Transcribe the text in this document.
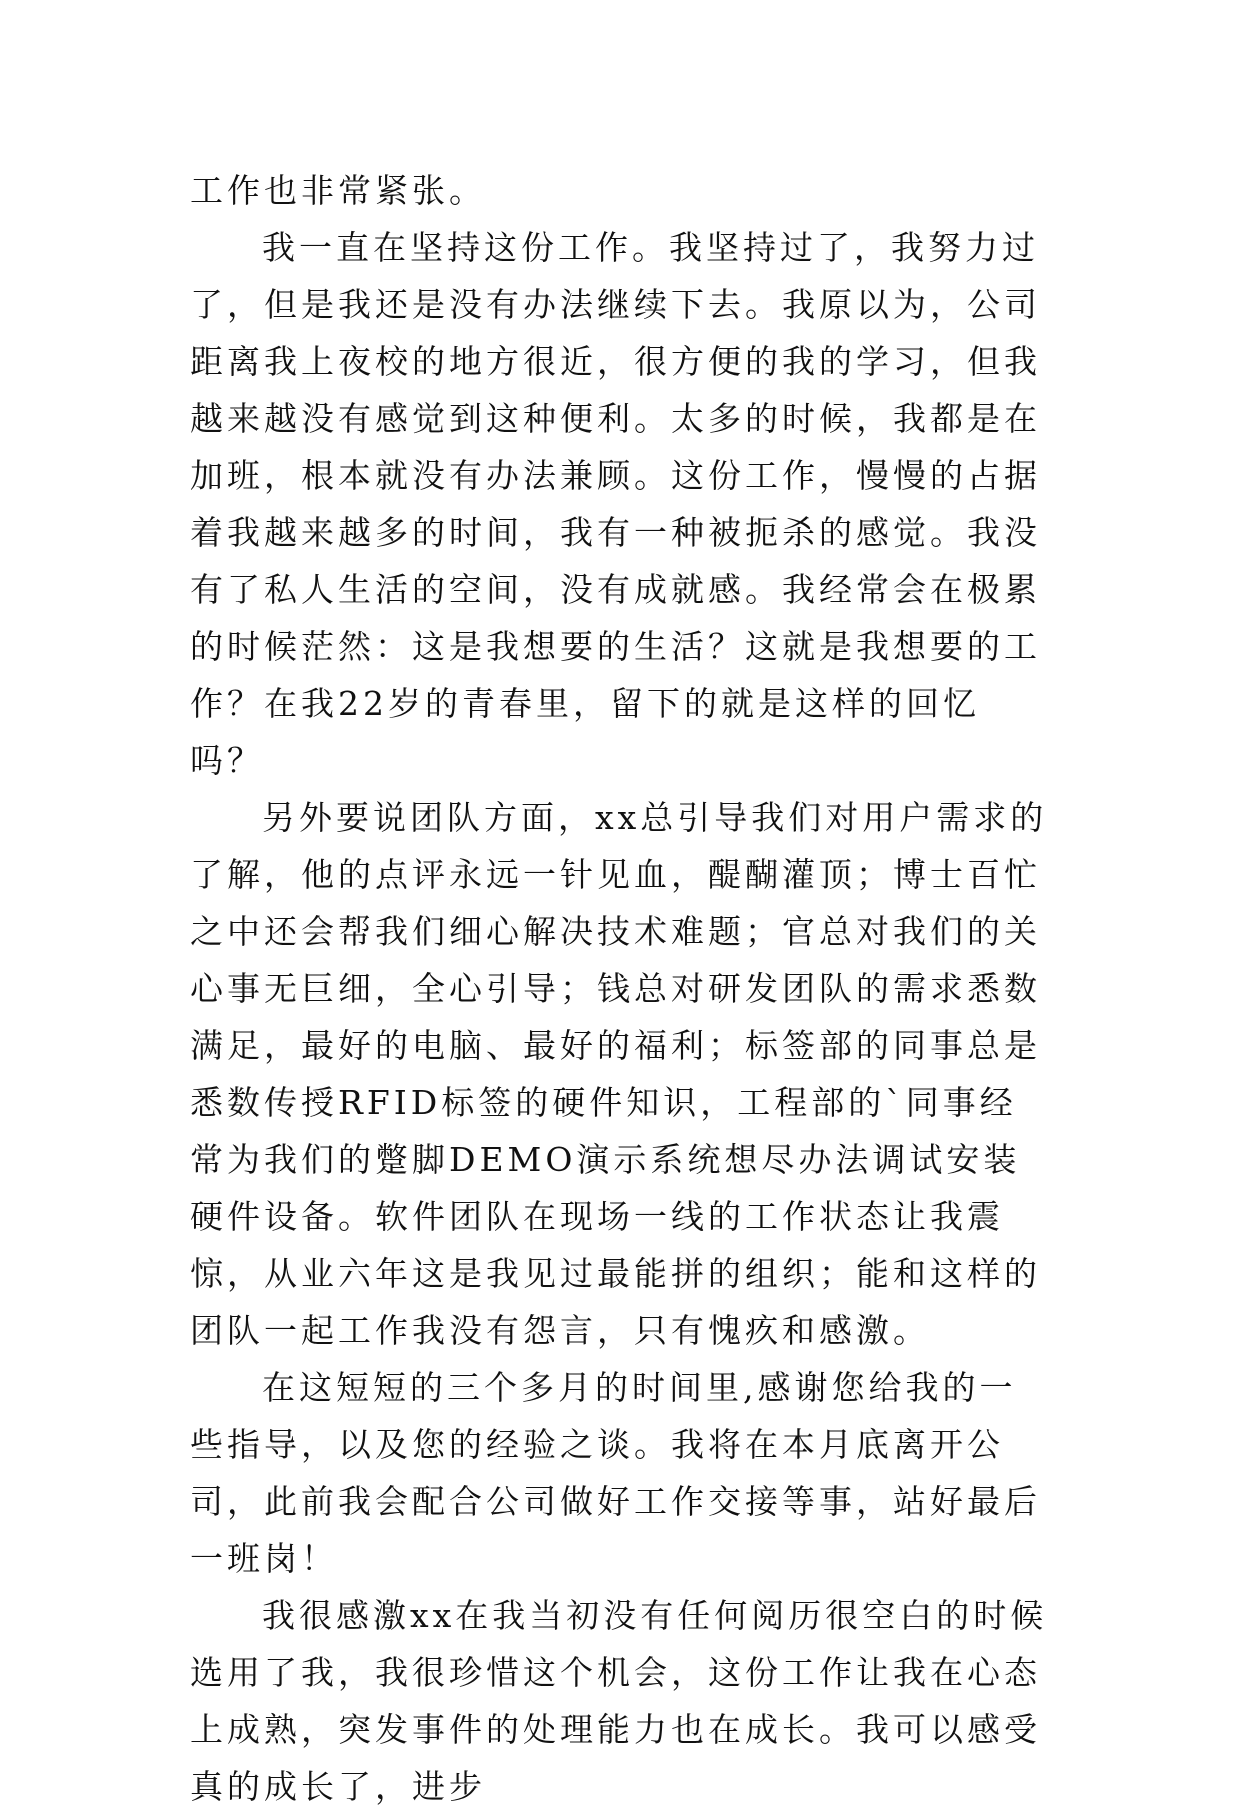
工作也非常紧张。

我一直在坚持这份工作。我坚持过了，我努力过了，但是我还是没有办法继续下去。我原以为，公司距离我上夜校的地方很近，很方便的我的学习，但我越来越没有感觉到这种便利。太多的时候，我都是在加班，根本就没有办法兼顾。这份工作，慢慢的占据着我越来越多的时间，我有一种被扼杀的感觉。我没有了私人生活的空间，没有成就感。我经常会在极累的时候茫然：这是我想要的生活？这就是我想要的工作？在我22岁的青春里，留下的就是这样的回忆吗？

另外要说团队方面，xx总引导我们对用户需求的了解，他的点评永远一针见血，醍醐灌顶；博士百忙之中还会帮我们细心解决技术难题；官总对我们的关心事无巨细，全心引导；钱总对研发团队的需求悉数满足，最好的电脑、最好的福利；标签部的同事总是悉数传授RFID标签的硬件知识，工程部的`同事经常为我们的蹩脚DEMO演示系统想尽办法调试安装硬件设备。软件团队在现场一线的工作状态让我震惊，从业六年这是我见过最能拼的组织；能和这样的团队一起工作我没有怨言，只有愧疚和感激。

在这短短的三个多月的时间里,感谢您给我的一些指导，以及您的经验之谈。我将在本月底离开公司，此前我会配合公司做好工作交接等事，站好最后一班岗！

我很感激xx在我当初没有任何阅历很空白的时候选用了我，我很珍惜这个机会，这份工作让我在心态上成熟，突发事件的处理能力也在成长。我可以感受真的成长了，进步
